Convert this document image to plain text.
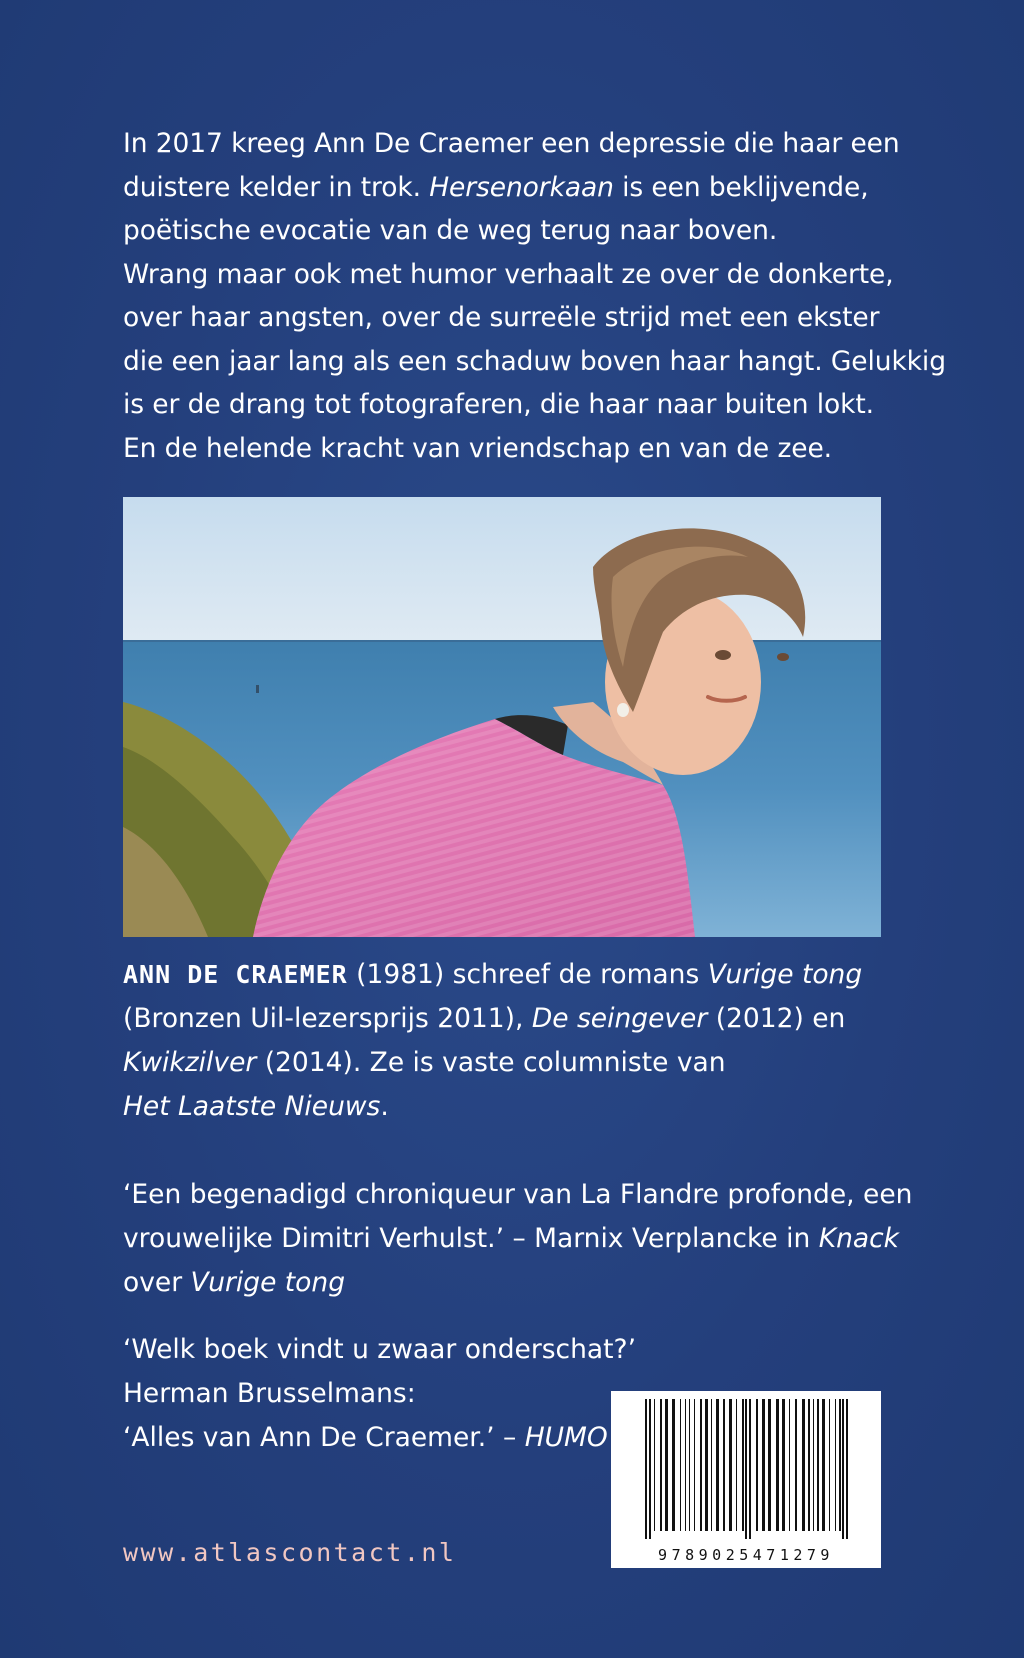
In 2017 kreeg Ann De Craemer een depressie die haar een

duistere kelder in trok. Hersenorkaan is een beklijvende,

poëtische evocatie van de weg terug naar boven.

Wrang maar ook met humor verhaalt ze over de donkerte,

over haar angsten, over de surreële strijd met een ekster

die een jaar lang als een schaduw boven haar hangt. Gelukkig

is er de drang tot fotograferen, die haar naar buiten lokt.

En de helende kracht van vriendschap en van de zee.

ANN DE CRAEMER (1981) schreef de romans Vurige tong

(Bronzen Uil-lezersprijs 2011), De seingever (2012) en

Kwikzilver (2014). Ze is vaste columniste van

Het Laatste Nieuws.

‘Een begenadigd chroniqueur van La Flandre profonde, een

vrouwelijke Dimitri Verhulst.’ – Marnix Verplancke in Knack

over Vurige tong

‘Welk boek vindt u zwaar onderschat?’

Herman Brusselmans:

‘Alles van Ann De Craemer.’ – HUMO

www.atlascontact.nl	9789025471279
